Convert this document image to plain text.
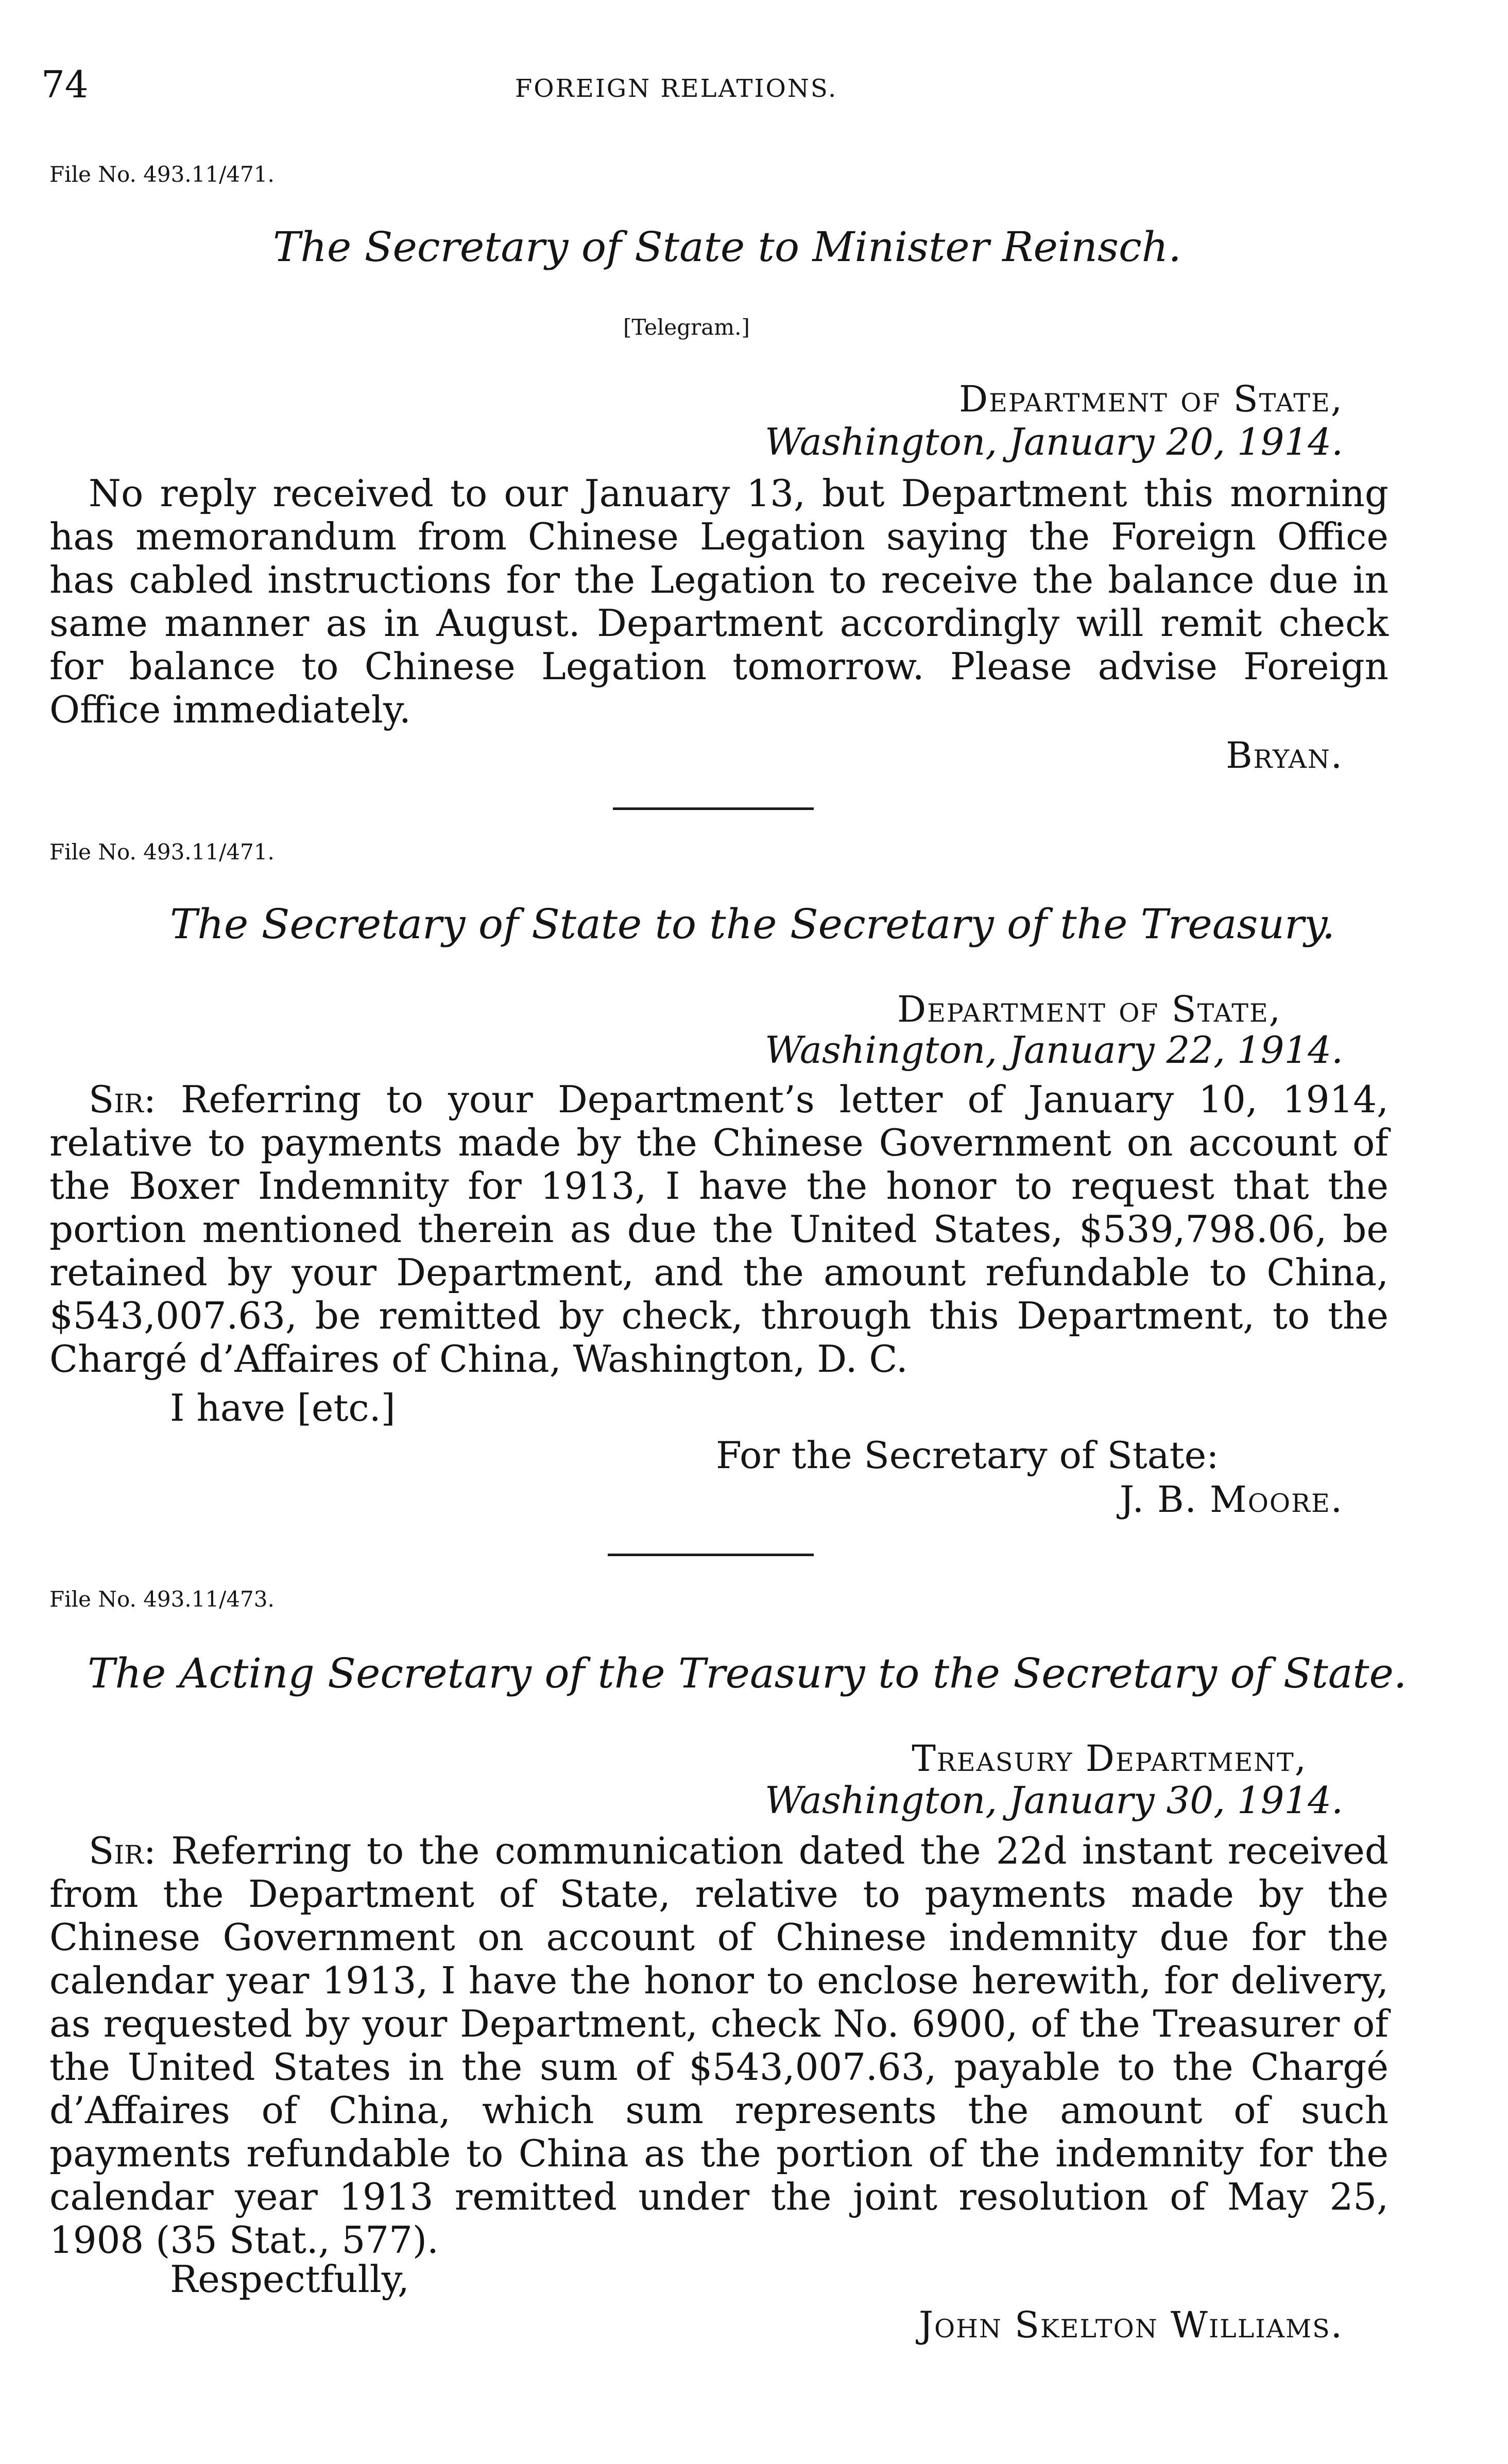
74	FOREIGN RELATIONS.
File No. 493.11/471.
The Secretary of State to Minister Reinsch.
[Telegram.]
Department of State,
Washington, January 20, 1914.
No reply received to our January 13, but Department this morning has memorandum from Chinese Legation saying the Foreign Office has cabled instructions for the Legation to receive the balance due in same manner as in August. Department accordingly will remit check for balance to Chinese Legation tomorrow. Please advise Foreign Office immediately.
Bryan.
File No. 493.11/471.
The Secretary of State to the Secretary of the Treasury.
Department of State,
Washington, January 22, 1914.
Sir: Referring to your Department’s letter of January 10, 1914, relative to payments made by the Chinese Government on account of the Boxer Indemnity for 1913, I have the honor to request that the portion mentioned therein as due the United States, $539,798.06, be retained by your Department, and the amount refundable to China, $543,007.63, be remitted by check, through this Department, to the Chargé d’Affaires of China, Washington, D. C.
I have [etc.]
For the Secretary of State:
J. B. Moore.
File No. 493.11/473.
The Acting Secretary of the Treasury to the Secretary of State.
Treasury Department,
Washington, January 30, 1914.
Sir: Referring to the communication dated the 22d instant received from the Department of State, relative to payments made by the Chinese Government on account of Chinese indemnity due for the calendar year 1913, I have the honor to enclose herewith, for delivery, as requested by your Department, check No. 6900, of the Treasurer of the United States in the sum of $543,007.63, payable to the Chargé d’Affaires of China, which sum represents the amount of such payments refundable to China as the portion of the indemnity for the calendar year 1913 remitted under the joint resolution of May 25, 1908 (35 Stat., 577).
Respectfully,
John Skelton Williams.
